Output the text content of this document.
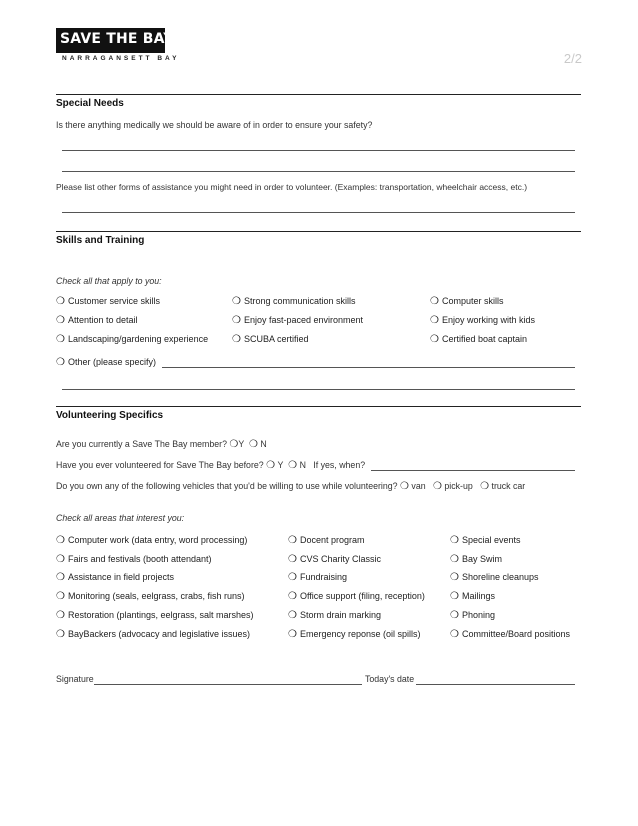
SAVE THE BAY®
NARRAGANSETT BAY	2/2
Special Needs
Is there anything medically we should be aware of in order to ensure your safety?
Please list other forms of assistance you might need in order to volunteer. (Examples: transportation, wheelchair access, etc.)
Skills and Training
Check all that apply to you:
❍ Customer service skills	❍ Strong communication skills	❍ Computer skills
❍ Attention to detail	❍ Enjoy fast-paced environment	❍ Enjoy working with kids
❍ Landscaping/gardening experience ❍ SCUBA certified	❍ Certified boat captain
❍ Other (please specify)
Volunteering Specifics
Are you currently a Save The Bay member? ❍Y ❍ N
Have you ever volunteered for Save The Bay before? ❍ Y ❍ N If yes, when?
Do you own any of the following vehicles that you'd be willing to use while volunteering? ❍ van ❍ pick-up ❍ truck car
Check all areas that interest you:
❍ Computer work (data entry, word processing)	❍ Docent program	❍ Special events
❍ Fairs and festivals (booth attendant)	❍ CVS Charity Classic	❍ Bay Swim
❍ Assistance in field projects	❍ Fundraising	❍ Shoreline cleanups
❍ Monitoring (seals, eelgrass, crabs, fish runs)	❍ Office support (filing, reception)	❍ Mailings
❍ Restoration (plantings, eelgrass, salt marshes)	❍ Storm drain marking	❍ Phoning
❍ BayBackers (advocacy and legislative issues)	❍ Emergency reponse (oil spills)	❍ Committee/Board positions
Signature	Today's date
